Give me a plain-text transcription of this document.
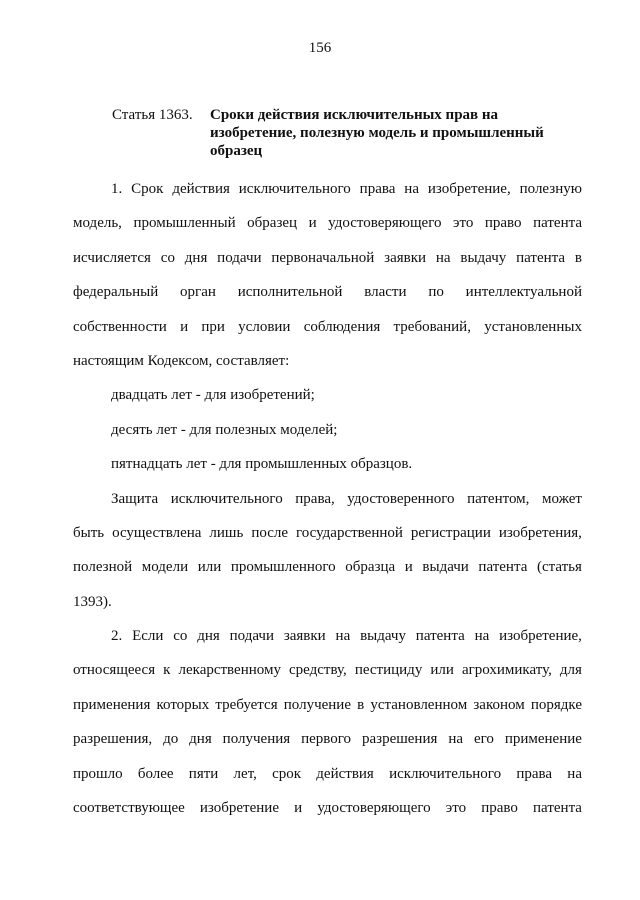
156
Статья 1363. Сроки действия исключительных прав на
изобретение, полезную модель и промышленный
образец
1. Срок действия исключительного права на изобретение, полезную
модель, промышленный образец и удостоверяющего это право патента
исчисляется со дня подачи первоначальной заявки на выдачу патента в
федеральный орган исполнительной власти по интеллектуальной
собственности и при условии соблюдения требований, установленных
настоящим Кодексом, составляет:
двадцать лет - для изобретений;
десять лет - для полезных моделей;
пятнадцать лет - для промышленных образцов.
Защита исключительного права, удостоверенного патентом, может
быть осуществлена лишь после государственной регистрации изобретения,
полезной модели или промышленного образца и выдачи патента (статья
1393).
2. Если со дня подачи заявки на выдачу патента на изобретение,
относящееся к лекарственному средству, пестициду или агрохимикату, для
применения которых требуется получение в установленном законом порядке
разрешения, до дня получения первого разрешения на его применение
прошло более пяти лет, срок действия исключительного права на
соответствующее изобретение и удостоверяющего это право патента
